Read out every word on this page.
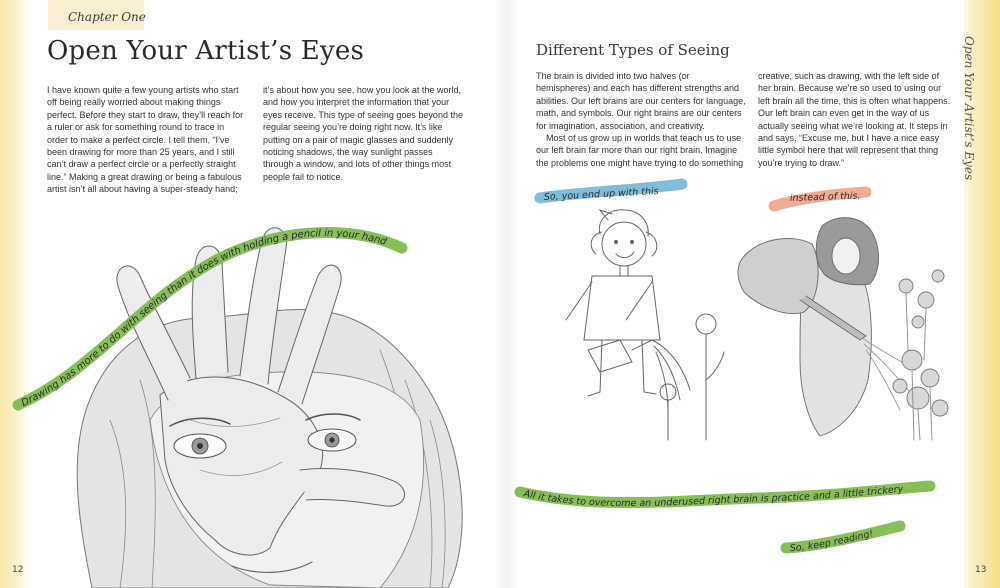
Chapter One

Open Your Artist’s Eyes

I have known quite a few young artists who start off being really worried about making things perfect. Before they start to draw, they’ll reach for a ruler or ask for something round to trace in order to make a perfect circle. I tell them, “I’ve been drawing for more than 25 years, and I still can’t draw a perfect circle or a perfectly straight line.” Making a great drawing or being a fabulous artist isn’t all about having a super-steady hand;

it’s about how you see, how you look at the world, and how you interpret the information that your eyes receive. This type of seeing goes beyond the regular seeing you’re doing right now. It’s like putting on a pair of magic glasses and suddenly noticing shadows, the way sunlight passes through a window, and lots of other things most people fail to notice.

Different Types of Seeing

The brain is divided into two halves (or hemispheres) and each has different strengths and abilities. Our left brains are our centers for language, math, and symbols. Our right brains are our centers for imagination, association, and creativity.

Most of us grow up in worlds that teach us to use our left brain far more than our right brain. Imagine the problems one might have trying to do something

creative, such as drawing, with the left side of her brain. Because we’re so used to using our left brain all the time, this is often what happens. Our left brain can even get in the way of us actually seeing what we’re looking at. It steps in and says, “Excuse me, but I have a nice easy little symbol here that will represent that thing you’re trying to draw.”	Open Your Artist’s Eyes

12	13

Drawing has more to do with seeing than it does with holding a pencil in your hand
So, you end up with this	instead of this.
All it takes to overcome an underused right brain is practice and a little trickery
So, keep reading!
